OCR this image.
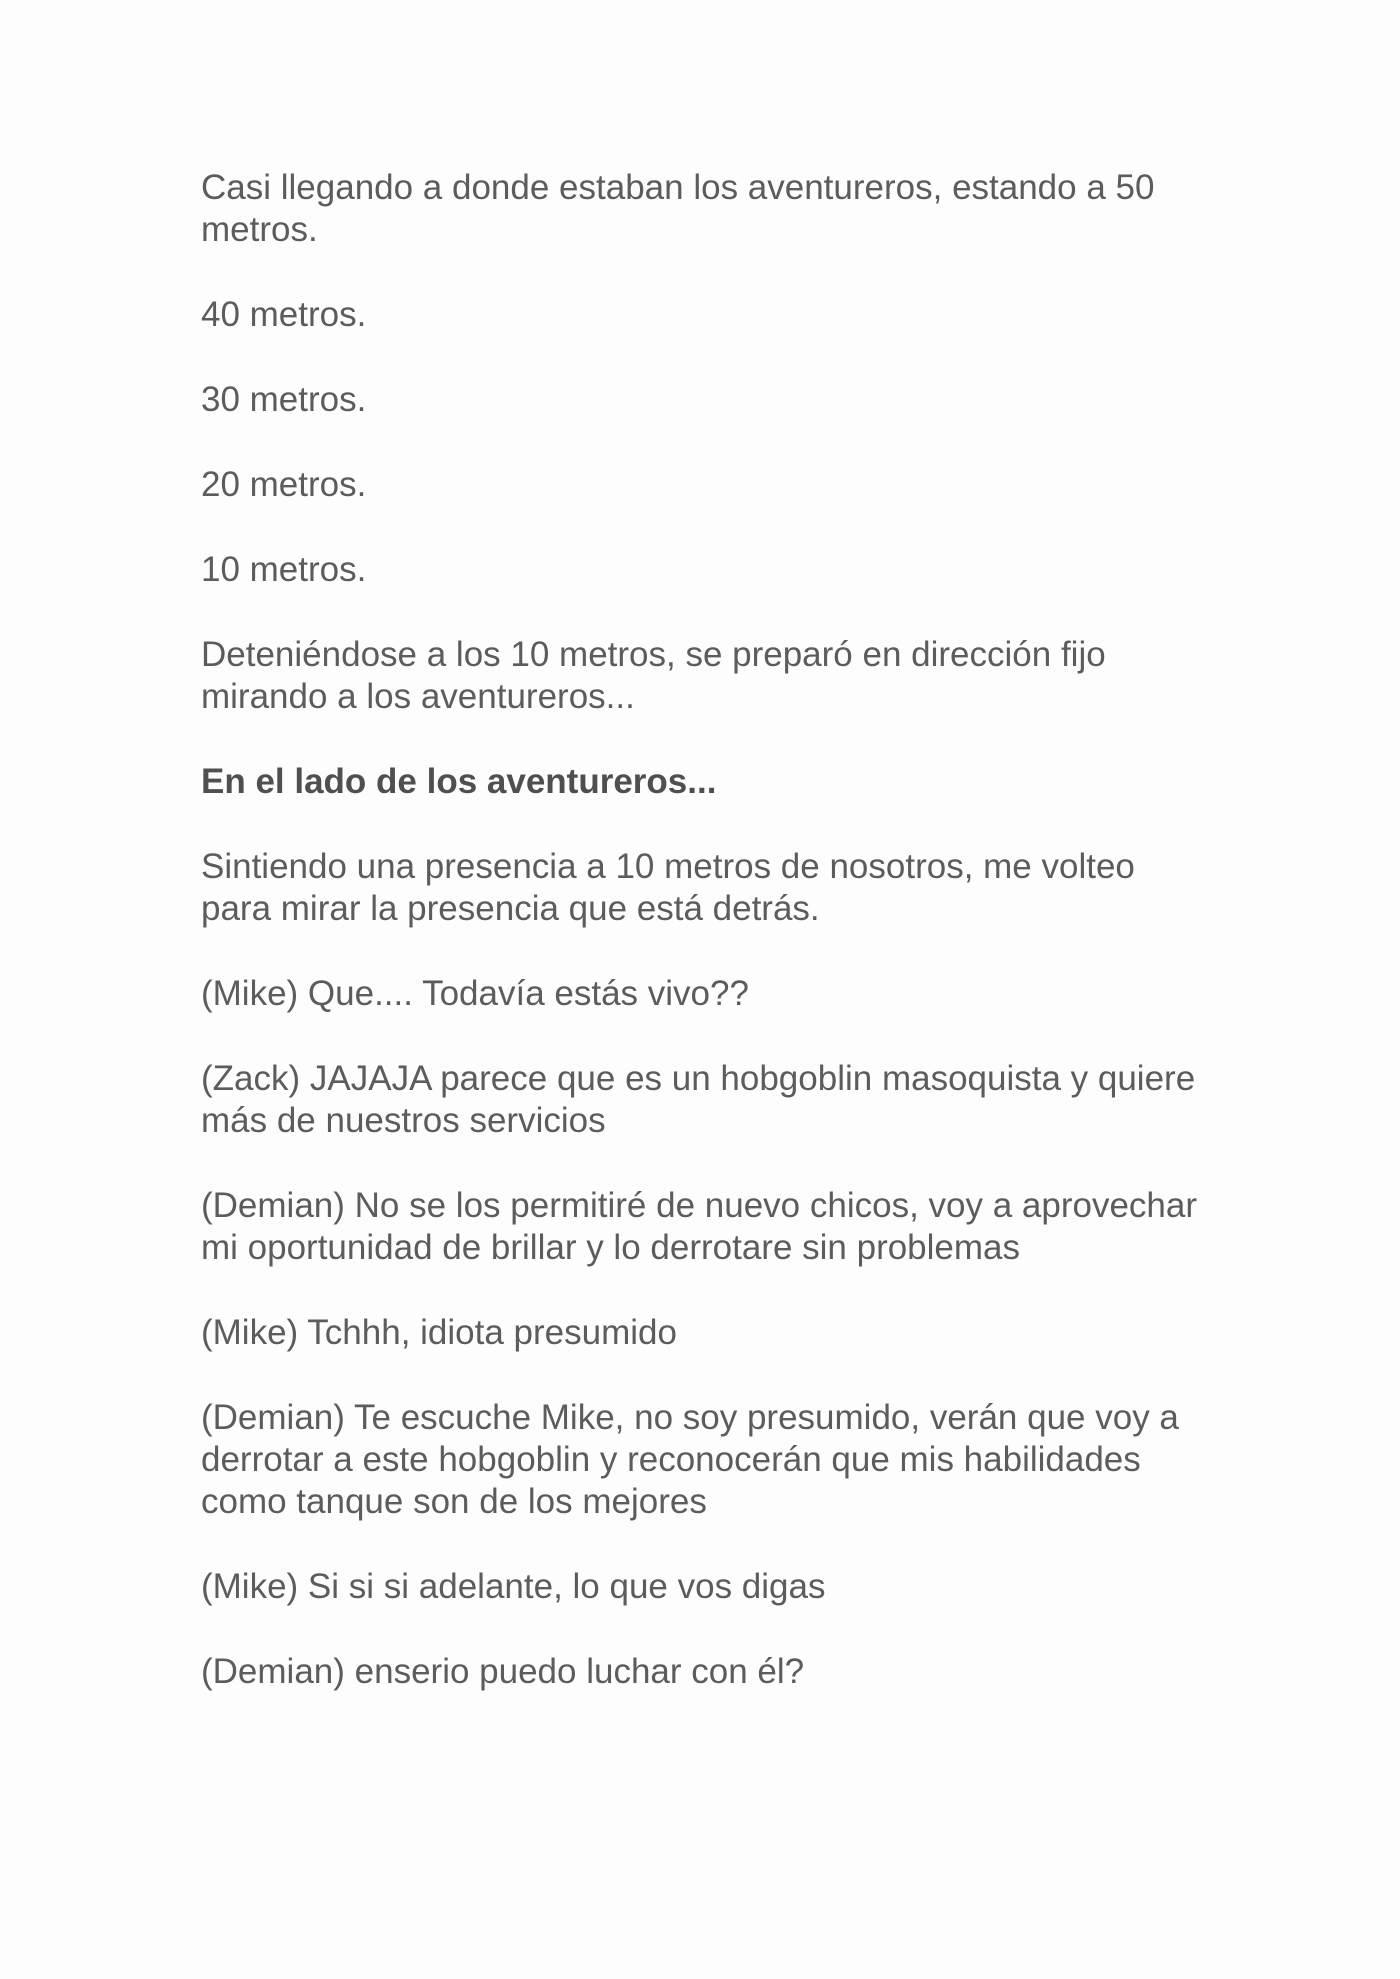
Casi llegando a donde estaban los aventureros, estando a 50 metros.

40 metros.

30 metros.

20 metros.

10 metros.

Deteniéndose a los 10 metros, se preparó en dirección fijo mirando a los aventureros...

En el lado de los aventureros...

Sintiendo una presencia a 10 metros de nosotros, me volteo para mirar la presencia que está detrás.

(Mike) Que.... Todavía estás vivo??

(Zack) JAJAJA parece que es un hobgoblin masoquista y quiere más de nuestros servicios

(Demian) No se los permitiré de nuevo chicos, voy a aprovechar mi oportunidad de brillar y lo derrotare sin problemas

(Mike) Tchhh, idiota presumido

(Demian) Te escuche Mike, no soy presumido, verán que voy a derrotar a este hobgoblin y reconocerán que mis habilidades como tanque son de los mejores

(Mike) Si si si adelante, lo que vos digas

(Demian) enserio puedo luchar con él?
